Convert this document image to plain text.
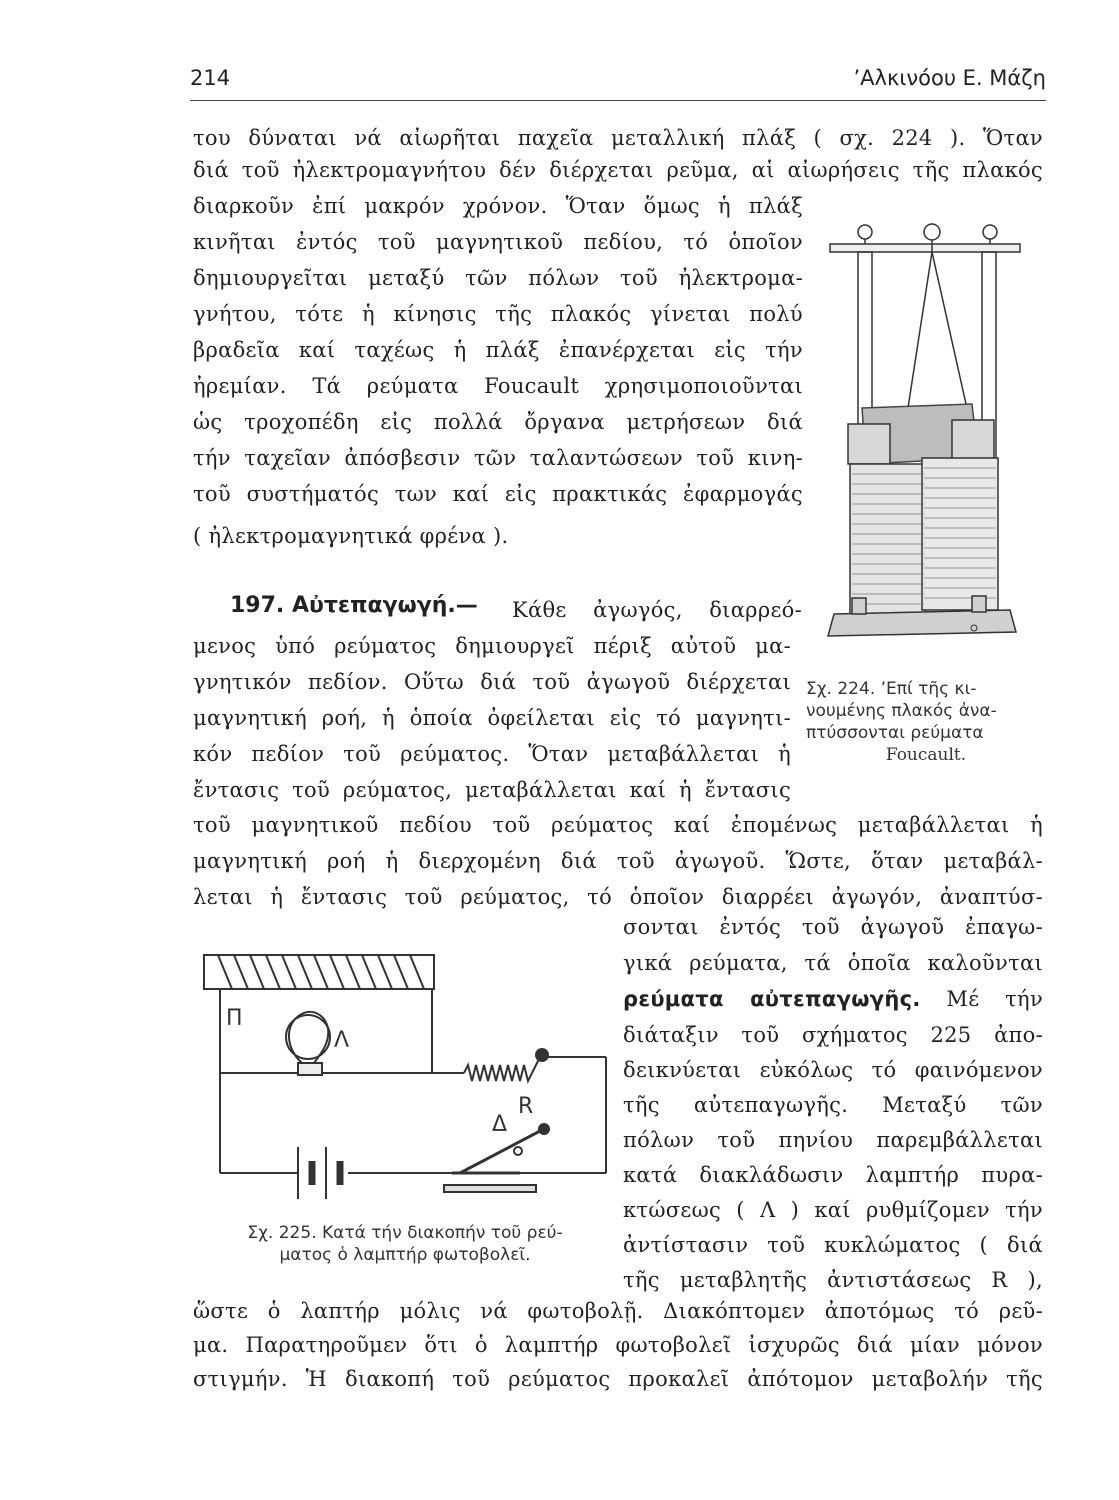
214	’Αλκινόου Ε. Μάζη
του δύναται νά αἰωρῆται παχεῖα μεταλλική πλάξ ( σχ. 224 ). Ὅταν
διά τοῦ ἠλεκτρομαγνήτου δέν διέρχεται ρεῦμα, αἱ αἰωρήσεις τῆς πλακός
διαρκοῦν ἐπί μακρόν χρόνον. Ὅταν ὅμως ἡ πλάξ
κινῆται ἐντός τοῦ μαγνητικοῦ πεδίου, τό ὁποῖον
δημιουργεῖται μεταξύ τῶν πόλων τοῦ ἠλεκτρομα-
γνήτου, τότε ἡ κίνησις τῆς πλακός γίνεται πολύ
βραδεῖα καί ταχέως ἡ πλάξ ἐπανέρχεται εἰς τήν
ἠρεμίαν. Τά ρεύματα Foucault χρησιμοποιοῦνται
ὡς τροχοπέδη εἰς πολλά ὄργανα μετρήσεων διά
τήν ταχεῖαν ἀπόσβεσιν τῶν ταλαντώσεων τοῦ κινη-
τοῦ συστήματός των καί εἰς πρακτικάς ἐφαρμογάς
( ἠλεκτρομαγνητικά φρένα ).
197. Αὐτεπαγωγή.— Κάθε ἀγωγός, διαρρεό-
μενος ὑπό ρεύματος δημιουργεῖ πέριξ αὐτοῦ μα-
γνητικόν πεδίον. Οὕτω διά τοῦ ἀγωγοῦ διέρχεται
μαγνητική ροή, ἡ ὁποία ὀφείλεται εἰς τό μαγνητι-
κόν πεδίον τοῦ ρεύματος. Ὅταν μεταβάλλεται ἡ
ἔντασις τοῦ ρεύματος, μεταβάλλεται καί ἡ ἔντασις
Σχ. 224. ’Επί τῆς κι-
νουμένης πλακός ἀνα-
πτύσσονται ρεύματα
Foucault.
τοῦ μαγνητικοῦ πεδίου τοῦ ρεύματος καί ἐπομένως μεταβάλλεται ἡ
μαγνητική ροή ἡ διερχομένη διά τοῦ ἀγωγοῦ. Ὥστε, ὅταν μεταβάλ-
λεται ἡ ἔντασις τοῦ ρεύματος, τό ὁποῖον διαρρέει ἀγωγόν, ἀναπτύσ-
σονται ἐντός τοῦ ἀγωγοῦ ἐπαγω-
γικά ρεύματα, τά ὁποῖα καλοῦνται
ρεύματα αὐτεπαγωγῆς. Μέ τήν
διάταξιν τοῦ σχήματος 225 ἀπο-
δεικνύεται εὐκόλως τό φαινόμενον
τῆς αὐτεπαγωγῆς. Μεταξύ τῶν
πόλων τοῦ πηνίου παρεμβάλλεται
κατά διακλάδωσιν λαμπτήρ πυρα-
κτώσεως ( Λ ) καί ρυθμίζομεν τήν
ἀντίστασιν τοῦ κυκλώματος ( διά
τῆς μεταβλητῆς ἀντιστάσεως R ),
Π
Λ
R
Δ
Σχ. 225. Κατά τήν διακοπήν τοῦ ρεύ-
ματος ὁ λαμπτήρ φωτοβολεῖ.
ὥστε ὁ λαπτήρ μόλις νά φωτοβολῇ. Διακόπτομεν ἀποτόμως τό ρεῦ-
μα. Παρατηροῦμεν ὅτι ὁ λαμπτήρ φωτοβολεῖ ἰσχυρῶς διά μίαν μόνον
στιγμήν. Ἡ διακοπή τοῦ ρεύματος προκαλεῖ ἀπότομον μεταβολήν τῆς
